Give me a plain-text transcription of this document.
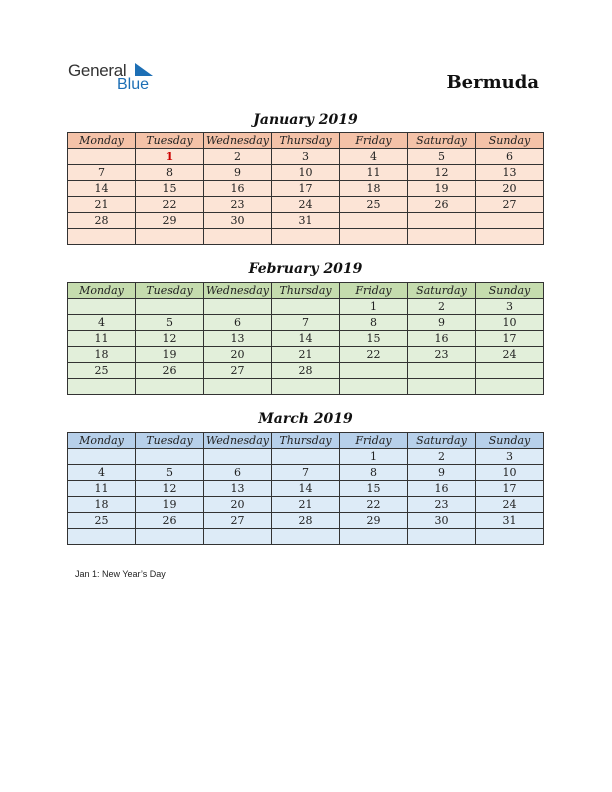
General
Blue	Bermuda
January 2019
Monday	Tuesday	Wednesday	Thursday	Friday	Saturday	Sunday
	1	2	3	4	5	6
7	8	9	10	11	12	13
14	15	16	17	18	19	20
21	22	23	24	25	26	27
28	29	30	31			

February 2019
Monday	Tuesday	Wednesday	Thursday	Friday	Saturday	Sunday
				1	2	3
4	5	6	7	8	9	10
11	12	13	14	15	16	17
18	19	20	21	22	23	24
25	26	27	28			

March 2019
Monday	Tuesday	Wednesday	Thursday	Friday	Saturday	Sunday
				1	2	3
4	5	6	7	8	9	10
11	12	13	14	15	16	17
18	19	20	21	22	23	24
25	26	27	28	29	30	31

Jan 1: New Year’s Day
